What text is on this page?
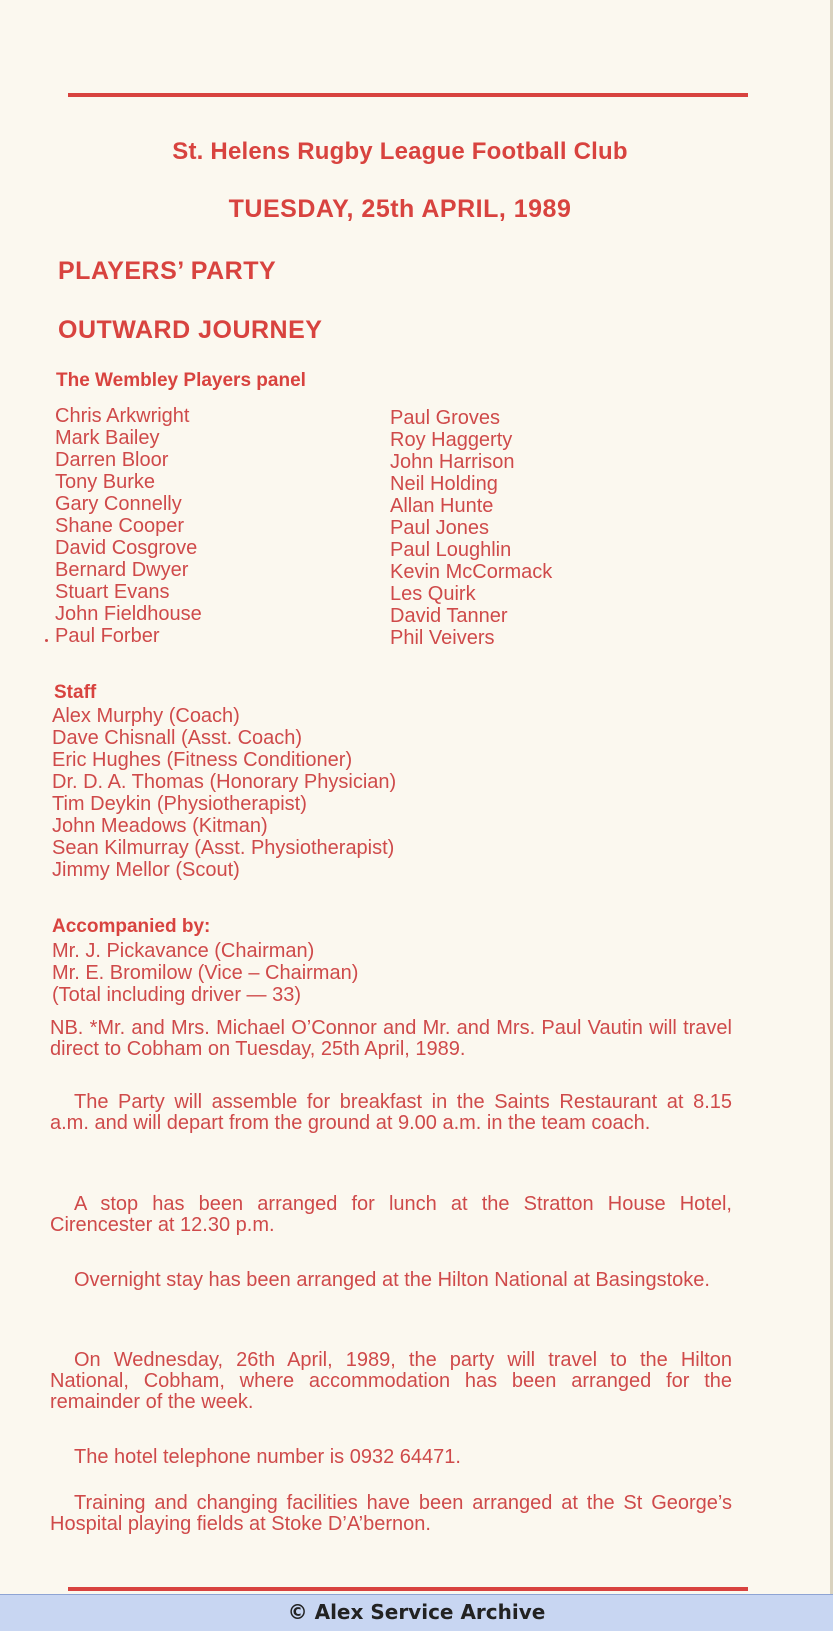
St. Helens Rugby League Football Club
TUESDAY, 25th APRIL, 1989
PLAYERS’ PARTY
OUTWARD JOURNEY
The Wembley Players panel
Chris Arkwright
Mark Bailey
Darren Bloor
Tony Burke
Gary Connelly
Shane Cooper
David Cosgrove
Bernard Dwyer
Stuart Evans
John Fieldhouse
Paul Forber
Paul Groves
Roy Haggerty
John Harrison
Neil Holding
Allan Hunte
Paul Jones
Paul Loughlin
Kevin McCormack
Les Quirk
David Tanner
Phil Veivers
Staff
Alex Murphy (Coach)
Dave Chisnall (Asst. Coach)
Eric Hughes (Fitness Conditioner)
Dr. D. A. Thomas (Honorary Physician)
Tim Deykin (Physiotherapist)
John Meadows (Kitman)
Sean Kilmurray (Asst. Physiotherapist)
Jimmy Mellor (Scout)
Accompanied by:
Mr. J. Pickavance (Chairman)
Mr. E. Bromilow (Vice – Chairman)
(Total including driver — 33)
NB. *Mr. and Mrs. Michael O’Connor and Mr. and Mrs. Paul Vautin will travel direct to Cobham on Tuesday, 25th April, 1989.
The Party will assemble for breakfast in the Saints Restaurant at 8.15 a.m. and will depart from the ground at 9.00 a.m. in the team coach.
A stop has been arranged for lunch at the Stratton House Hotel, Cirencester at 12.30 p.m.
Overnight stay has been arranged at the Hilton National at Basingstoke.
On Wednesday, 26th April, 1989, the party will travel to the Hilton National, Cobham, where accommodation has been arranged for the remainder of the week.
The hotel telephone number is 0932 64471.
Training and changing facilities have been arranged at the St George’s Hospital playing fields at Stoke D’A’bernon.
© Alex Service Archive
